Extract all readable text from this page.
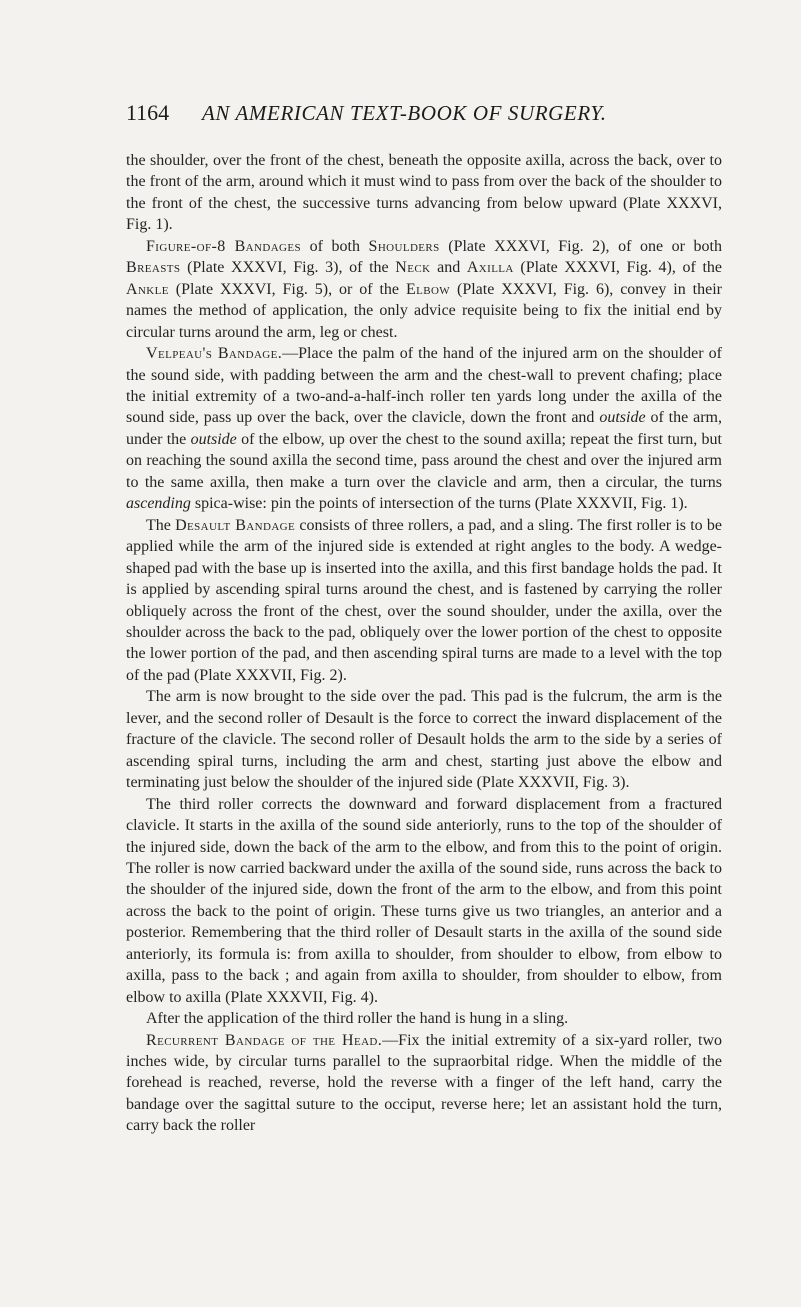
1164 AN AMERICAN TEXT-BOOK OF SURGERY.

the shoulder, over the front of the chest, beneath the opposite axilla, across the back, over to the front of the arm, around which it must wind to pass from over the back of the shoulder to the front of the chest, the successive turns advancing from below upward (Plate XXXVI, Fig. 1).

Figure-of-8 Bandages of both Shoulders (Plate XXXVI, Fig. 2), of one or both Breasts (Plate XXXVI, Fig. 3), of the Neck and Axilla (Plate XXXVI, Fig. 4), of the Ankle (Plate XXXVI, Fig. 5), or of the Elbow (Plate XXXVI, Fig. 6), convey in their names the method of application, the only advice requisite being to fix the initial end by circular turns around the arm, leg or chest.

Velpeau's Bandage.—Place the palm of the hand of the injured arm on the shoulder of the sound side, with padding between the arm and the chest-wall to prevent chafing; place the initial extremity of a two-and-a-half-inch roller ten yards long under the axilla of the sound side, pass up over the back, over the clavicle, down the front and outside of the arm, under the outside of the elbow, up over the chest to the sound axilla; repeat the first turn, but on reaching the sound axilla the second time, pass around the chest and over the injured arm to the same axilla, then make a turn over the clavicle and arm, then a circular, the turns ascending spica-wise: pin the points of intersection of the turns (Plate XXXVII, Fig. 1).

The Desault Bandage consists of three rollers, a pad, and a sling. The first roller is to be applied while the arm of the injured side is extended at right angles to the body. A wedge-shaped pad with the base up is inserted into the axilla, and this first bandage holds the pad. It is applied by ascending spiral turns around the chest, and is fastened by carrying the roller obliquely across the front of the chest, over the sound shoulder, under the axilla, over the shoulder across the back to the pad, obliquely over the lower portion of the chest to opposite the lower portion of the pad, and then ascending spiral turns are made to a level with the top of the pad (Plate XXXVII, Fig. 2).

The arm is now brought to the side over the pad. This pad is the fulcrum, the arm is the lever, and the second roller of Desault is the force to correct the inward displacement of the fracture of the clavicle. The second roller of Desault holds the arm to the side by a series of ascending spiral turns, including the arm and chest, starting just above the elbow and terminating just below the shoulder of the injured side (Plate XXXVII, Fig. 3).

The third roller corrects the downward and forward displacement from a fractured clavicle. It starts in the axilla of the sound side anteriorly, runs to the top of the shoulder of the injured side, down the back of the arm to the elbow, and from this to the point of origin. The roller is now carried backward under the axilla of the sound side, runs across the back to the shoulder of the injured side, down the front of the arm to the elbow, and from this point across the back to the point of origin. These turns give us two triangles, an anterior and a posterior. Remembering that the third roller of Desault starts in the axilla of the sound side anteriorly, its formula is: from axilla to shoulder, from shoulder to elbow, from elbow to axilla, pass to the back ; and again from axilla to shoulder, from shoulder to elbow, from elbow to axilla (Plate XXXVII, Fig. 4).

After the application of the third roller the hand is hung in a sling.

Recurrent Bandage of the Head.—Fix the initial extremity of a six-yard roller, two inches wide, by circular turns parallel to the supraorbital ridge. When the middle of the forehead is reached, reverse, hold the reverse with a finger of the left hand, carry the bandage over the sagittal suture to the occiput, reverse here; let an assistant hold the turn, carry back the roller
